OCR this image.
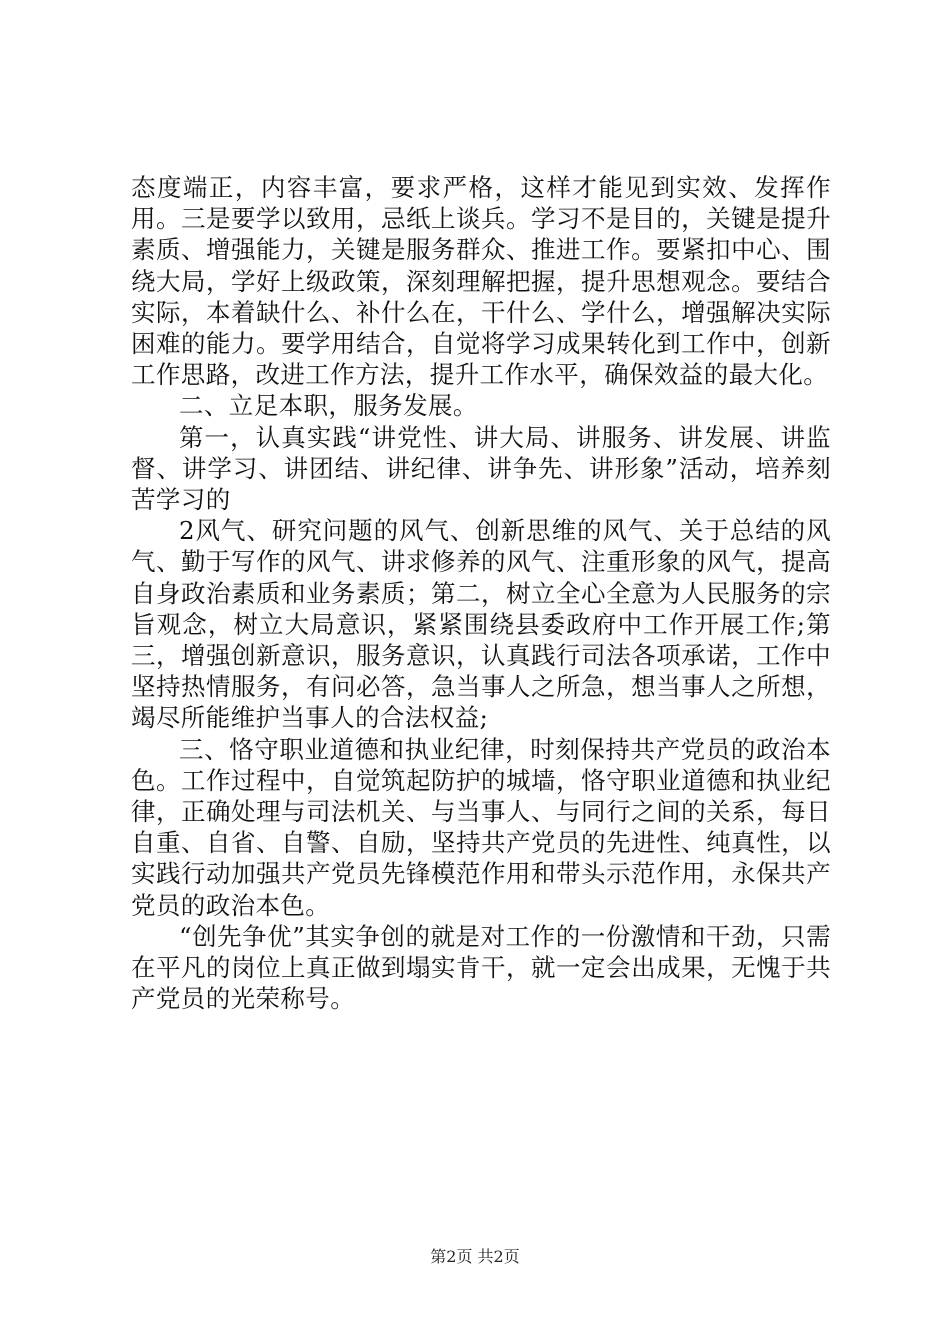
态度端正，内容丰富，要求严格，这样才能见到实效、发挥作用。三是要学以致用，忌纸上谈兵。学习不是目的，关键是提升素质、增强能力，关键是服务群众、推进工作。要紧扣中心、围绕大局，学好上级政策，深刻理解把握，提升思想观念。要结合实际，本着缺什么、补什么在，干什么、学什么，增强解决实际困难的能力。要学用结合，自觉将学习成果转化到工作中，创新工作思路，改进工作方法，提升工作水平，确保效益的最大化。

二、立足本职，服务发展。

第一，认真实践“讲党性、讲大局、讲服务、讲发展、讲监督、讲学习、讲团结、讲纪律、讲争先、讲形象”活动，培养刻苦学习的

2风气、研究问题的风气、创新思维的风气、关于总结的风气、勤于写作的风气、讲求修养的风气、注重形象的风气，提高自身政治素质和业务素质；第二，树立全心全意为人民服务的宗旨观念，树立大局意识，紧紧围绕县委政府中工作开展工作;第三，增强创新意识，服务意识，认真践行司法各项承诺，工作中坚持热情服务，有问必答，急当事人之所急，想当事人之所想，竭尽所能维护当事人的合法权益;

三、恪守职业道德和执业纪律，时刻保持共产党员的政治本色。工作过程中，自觉筑起防护的城墙，恪守职业道德和执业纪律，正确处理与司法机关、与当事人、与同行之间的关系，每日自重、自省、自警、自励，坚持共产党员的先进性、纯真性，以实践行动加强共产党员先锋模范作用和带头示范作用，永保共产党员的政治本色。

“创先争优”其实争创的就是对工作的一份激情和干劲，只需在平凡的岗位上真正做到塌实肯干，就一定会出成果，无愧于共产党员的光荣称号。

第2页 共2页
